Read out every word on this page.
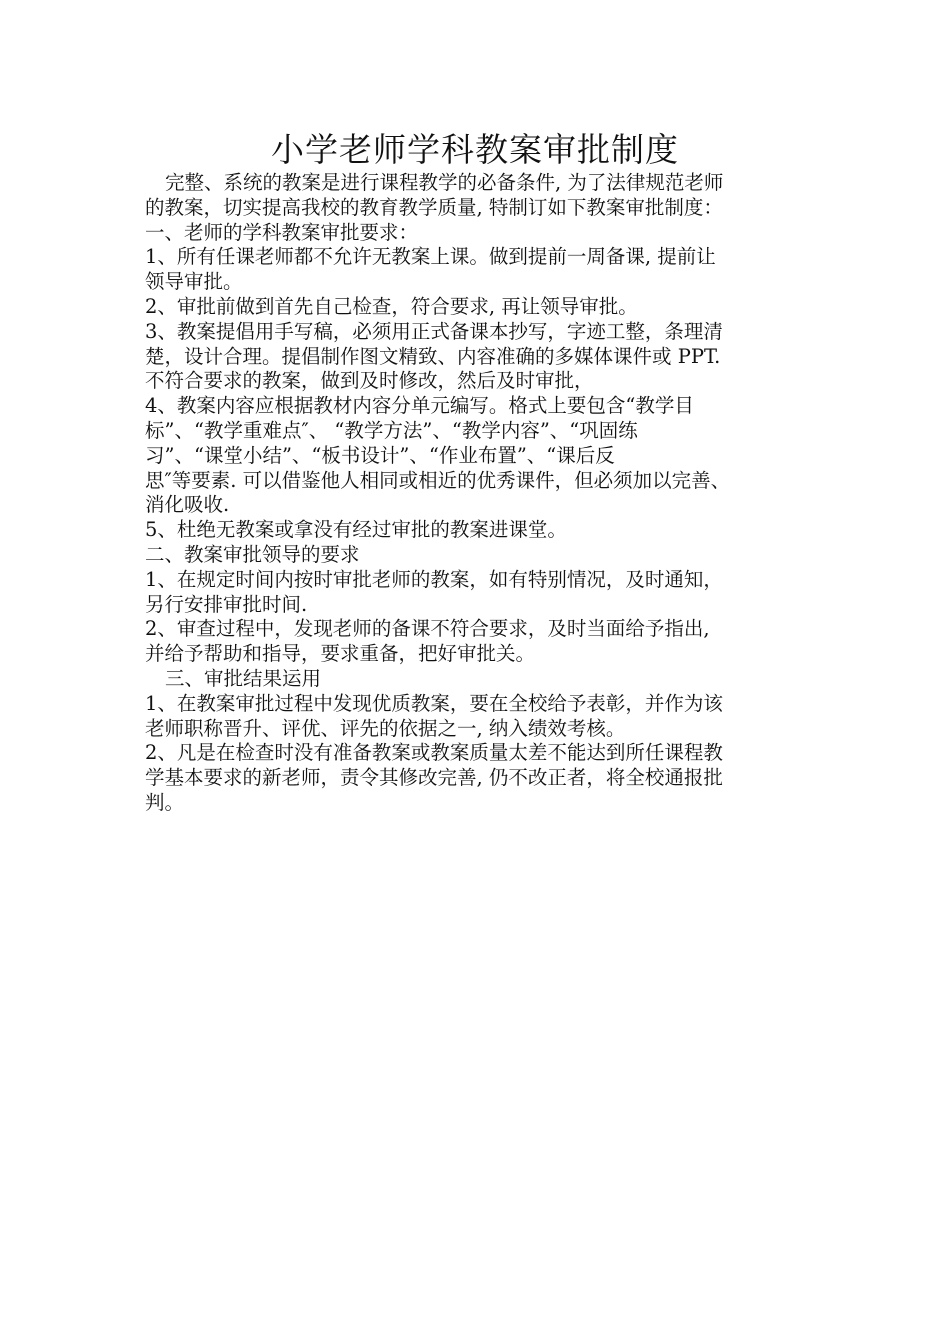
小学老师学科教案审批制度
完整、系统的教案是进行课程教学的必备条件, 为了法律规范老师
的教案，切实提高我校的教育教学质量, 特制订如下教案审批制度：
一、老师的学科教案审批要求：
1、所有任课老师都不允许无教案上课。做到提前一周备课, 提前让
领导审批。
2、审批前做到首先自己检查，符合要求, 再让领导审批。
3、教案提倡用手写稿，必须用正式备课本抄写，字迹工整，条理清
楚，设计合理。提倡制作图文精致、内容准确的多媒体课件或 PPT.
不符合要求的教案，做到及时修改，然后及时审批，
4、教案内容应根据教材内容分单元编写。格式上要包含“教学目
标”、“教学重难点″、 “教学方法”、“教学内容”、“巩固练
习”、“课堂小结”、“板书设计”、“作业布置”、“课后反
思″等要素. 可以借鉴他人相同或相近的优秀课件，但必须加以完善、
消化吸收.
5、杜绝无教案或拿没有经过审批的教案进课堂。
二、教案审批领导的要求
1、在规定时间内按时审批老师的教案，如有特别情况，及时通知，
另行安排审批时间.
2、审查过程中，发现老师的备课不符合要求，及时当面给予指出,
并给予帮助和指导，要求重备，把好审批关。
三、审批结果运用
1、在教案审批过程中发现优质教案，要在全校给予表彰，并作为该
老师职称晋升、评优、评先的依据之一, 纳入绩效考核。
2、凡是在检查时没有准备教案或教案质量太差不能达到所任课程教
学基本要求的新老师，责令其修改完善, 仍不改正者，将全校通报批
判。
